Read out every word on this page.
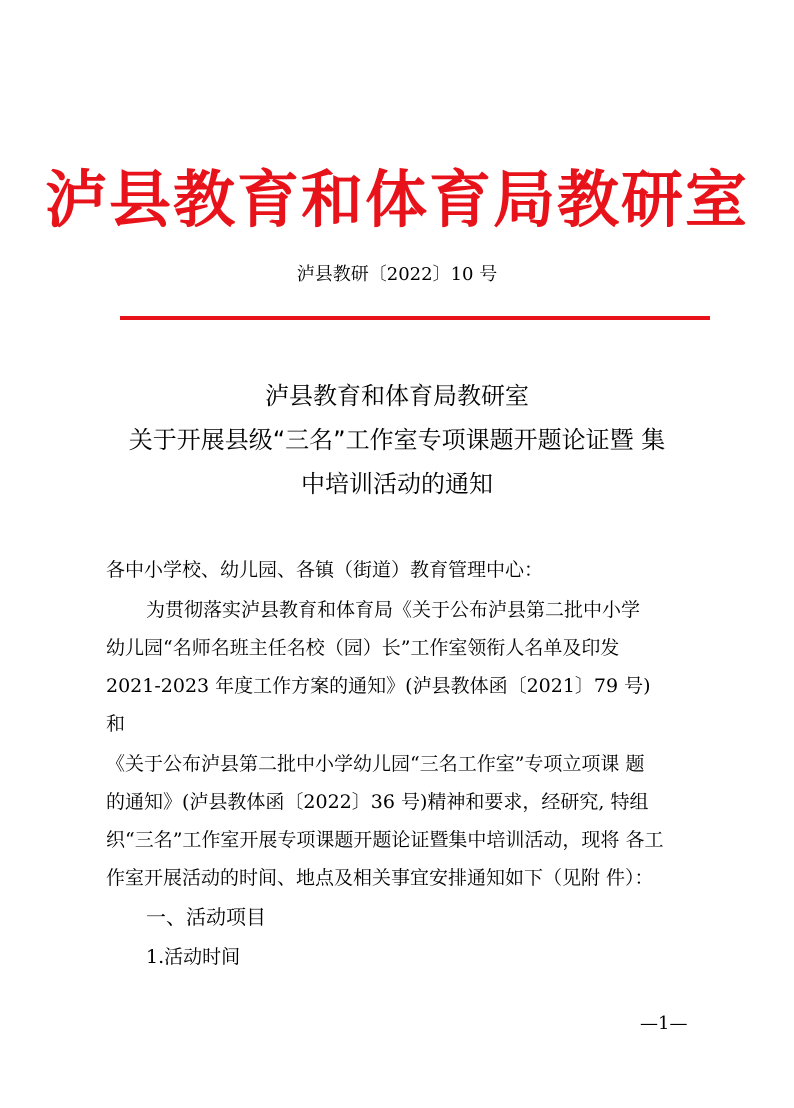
泸县教育和体育局教研室
泸县教研〔2022〕10 号
泸县教育和体育局教研室
关于开展县级“三名”工作室专项课题开题论证暨 集
中培训活动的通知
各中小学校、幼儿园、各镇（街道）教育管理中心：
为贯彻落实泸县教育和体育局《关于公布泸县第二批中小学
幼儿园“名师名班主任名校（园）长”工作室领衔人名单及印发
2021-2023 年度工作方案的通知》(泸县教体函〔2021〕79 号)
和
《关于公布泸县第二批中小学幼儿园“三名工作室”专项立项课 题
的通知》(泸县教体函〔2022〕36 号)精神和要求，经研究, 特组
织“三名”工作室开展专项课题开题论证暨集中培训活动，现将 各工
作室开展活动的时间、地点及相关事宜安排通知如下（见附 件）：
一、活动项目
1.活动时间
—1—
